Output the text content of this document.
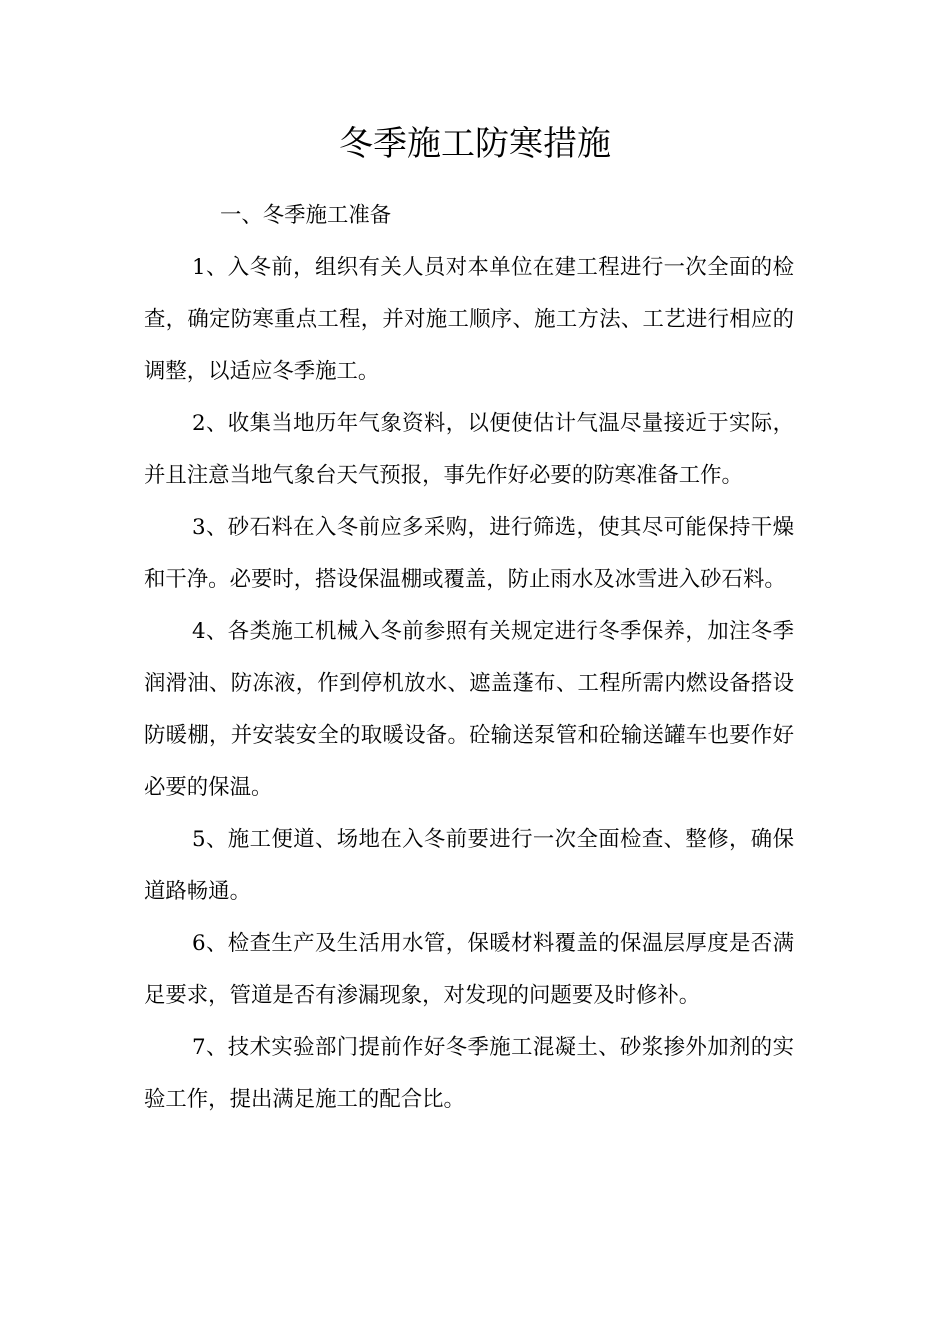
冬季施工防寒措施
一、冬季施工准备

1、入冬前，组织有关人员对本单位在建工程进行一次全面的检查，确定防寒重点工程，并对施工顺序、施工方法、工艺进行相应的调整，以适应冬季施工。

2、收集当地历年气象资料，以便使估计气温尽量接近于实际，并且注意当地气象台天气预报，事先作好必要的防寒准备工作。

3、砂石料在入冬前应多采购，进行筛选，使其尽可能保持干燥和干净。必要时，搭设保温棚或覆盖，防止雨水及冰雪进入砂石料。

4、各类施工机械入冬前参照有关规定进行冬季保养，加注冬季润滑油、防冻液，作到停机放水、遮盖蓬布、工程所需内燃设备搭设防暖棚，并安装安全的取暖设备。砼输送泵管和砼输送罐车也要作好必要的保温。

5、施工便道、场地在入冬前要进行一次全面检查、整修，确保道路畅通。

6、检查生产及生活用水管，保暖材料覆盖的保温层厚度是否满足要求，管道是否有渗漏现象，对发现的问题要及时修补。

7、技术实验部门提前作好冬季施工混凝土、砂浆掺外加剂的实验工作，提出满足施工的配合比。
